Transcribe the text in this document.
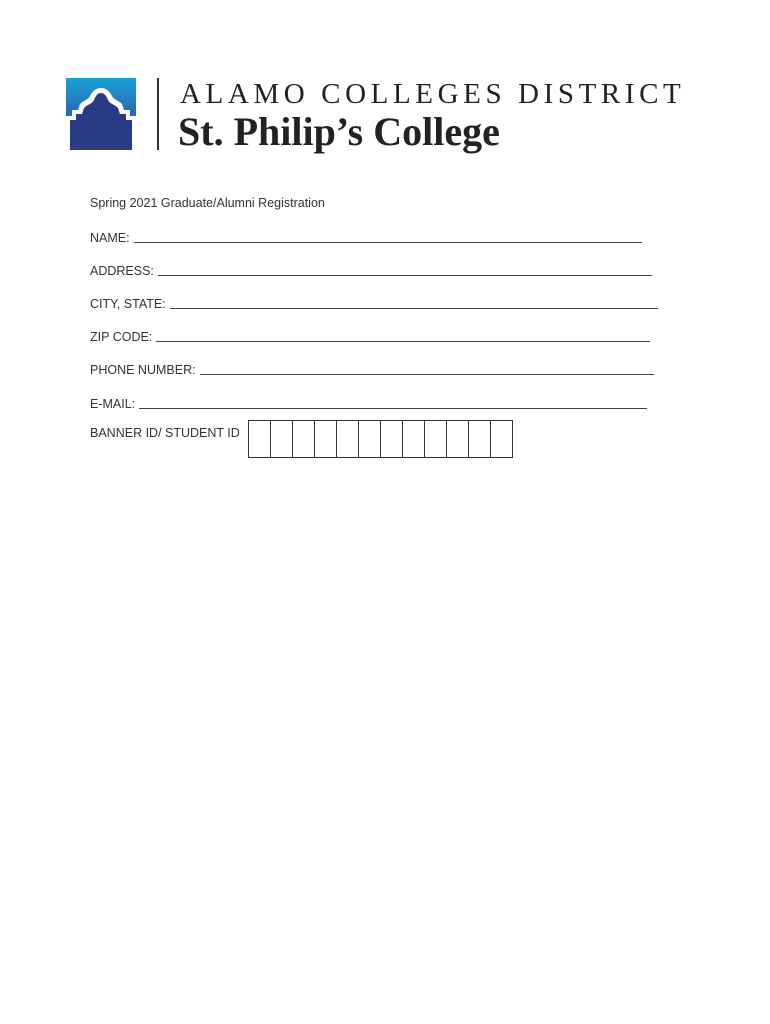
ALAMO COLLEGES DISTRICT
St. Philip’s College
Spring 2021 Graduate/Alumni Registration
NAME:
ADDRESS:
CITY, STATE:
ZIP CODE:
PHONE NUMBER:
E-MAIL:
BANNER ID/ STUDENT ID
